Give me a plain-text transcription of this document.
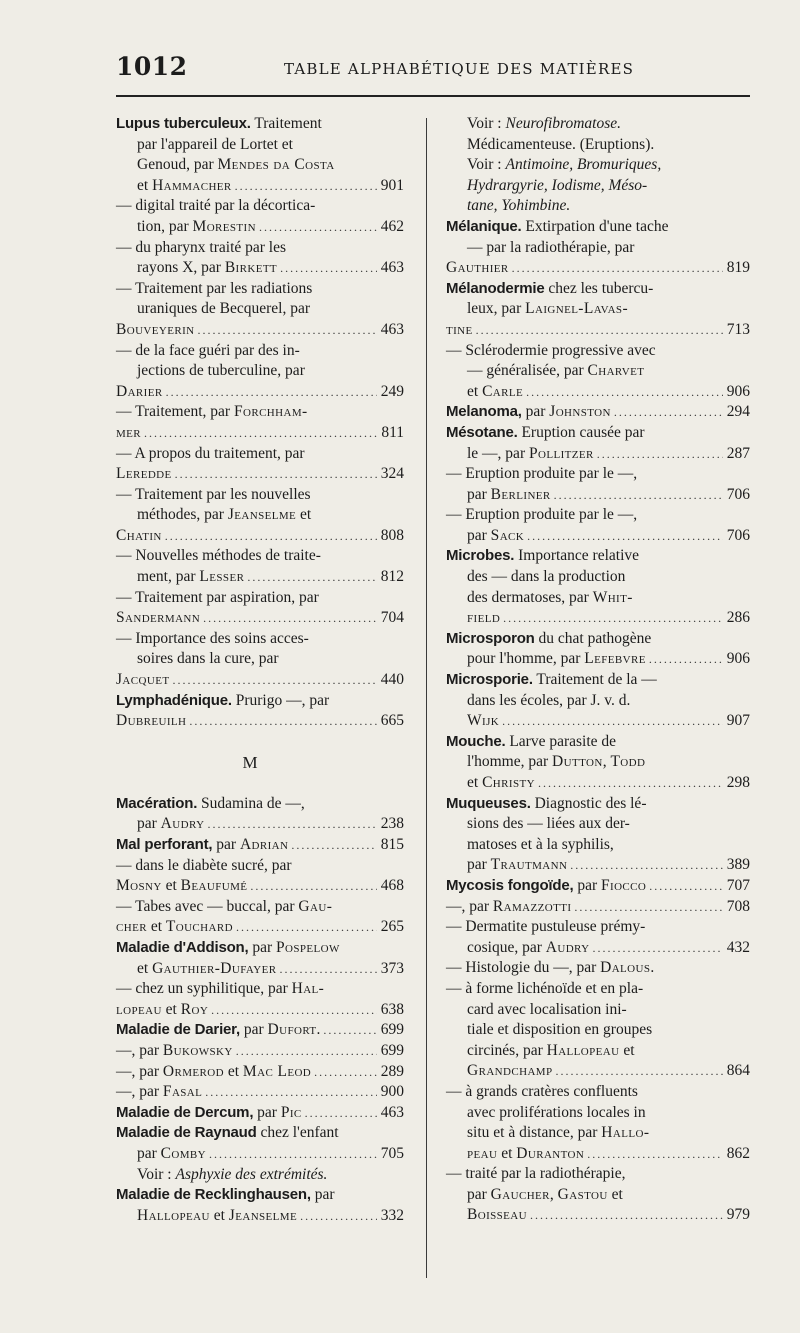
1012	TABLE ALPHABÉTIQUE DES MATIÈRES
Lupus tuberculeux. Traitement
par l'appareil de Lortet et
Genoud, par Mendes da Costa
et Hammacher .....	901
— digital traité par la décortica-
tion, par Morestin .....	462
— du pharynx traité par les
rayons X, par Birkett .....	463
— Traitement par les radiations
uraniques de Becquerel, par
Bouveyerin .....	463
— de la face guéri par des in-
jections de tuberculine, par
Darier .....	249
— Traitement, par Forchham-
mer .....	811
— A propos du traitement, par
Leredde .....	324
— Traitement par les nouvelles
méthodes, par Jeanselme et
Chatin .....	808
— Nouvelles méthodes de traite-
ment, par Lesser .....	812
— Traitement par aspiration, par
Sandermann .....	704
— Importance des soins acces-
soires dans la cure, par
Jacquet .....	440
Lymphadénique. Prurigo —, par
Dubreuilh .....	665
M
Macération. Sudamina de —,
par Audry .....	238
Mal perforant, par Adrian .....	815
— dans le diabète sucré, par
Mosny et Beaufumé .....	468
— Tabes avec — buccal, par Gau-
cher et Touchard .....	265
Maladie d'Addison, par Pospelow
et Gauthier-Dufayer .....	373
— chez un syphilitique, par Hal-
lopeau et Roy .....	638
Maladie de Darier, par Dufort. .....	699
—, par Bukowsky .....	699
—, par Ormerod et Mac Leod .....	289
—, par Fasal .....	900
Maladie de Dercum, par Pic .....	463
Maladie de Raynaud chez l'enfant
par Comby .....	705
Voir : Asphyxie des extrémités.
Maladie de Recklinghausen, par
Hallopeau et Jeanselme .....	332
Voir : Neurofibromatose.
Médicamenteuse. (Eruptions).
Voir : Antimoine, Bromuriques,
Hydrargyrie, Iodisme, Méso-
tane, Yohimbine.
Mélanique. Extirpation d'une tache
— par la radiothérapie, par
Gauthier .....	819
Mélanodermie chez les tubercu-
leux, par Laignel-Lavas-
tine .....	713
— Sclérodermie progressive avec
— généralisée, par Charvet
et Carle .....	906
Melanoma, par Johnston .....	294
Mésotane. Eruption causée par
le —, par Pollitzer .....	287
— Eruption produite par le —,
par Berliner .....	706
— Eruption produite par le —,
par Sack .....	706
Microbes. Importance relative
des — dans la production
des dermatoses, par Whit-
field .....	286
Microsporon du chat pathogène
pour l'homme, par Lefebvre .....	906
Microsporie. Traitement de la —
dans les écoles, par J. v. d.
Wijk .....	907
Mouche. Larve parasite de
l'homme, par Dutton, Todd
et Christy .....	298
Muqueuses. Diagnostic des lé-
sions des — liées aux der-
matoses et à la syphilis,
par Trautmann .....	389
Mycosis fongoïde, par Fiocco .....	707
—, par Ramazzotti .....	708
— Dermatite pustuleuse prémy-
cosique, par Audry .....	432
— Histologie du —, par Dalous.
— à forme lichénoïde et en pla-
card avec localisation ini-
tiale et disposition en groupes
circinés, par Hallopeau et
Grandchamp .....	864
— à grands cratères confluents
avec proliférations locales in
situ et à distance, par Hallo-
peau et Duranton .....	862
— traité par la radiothérapie,
par Gaucher, Gastou et
Boisseau .....	979
